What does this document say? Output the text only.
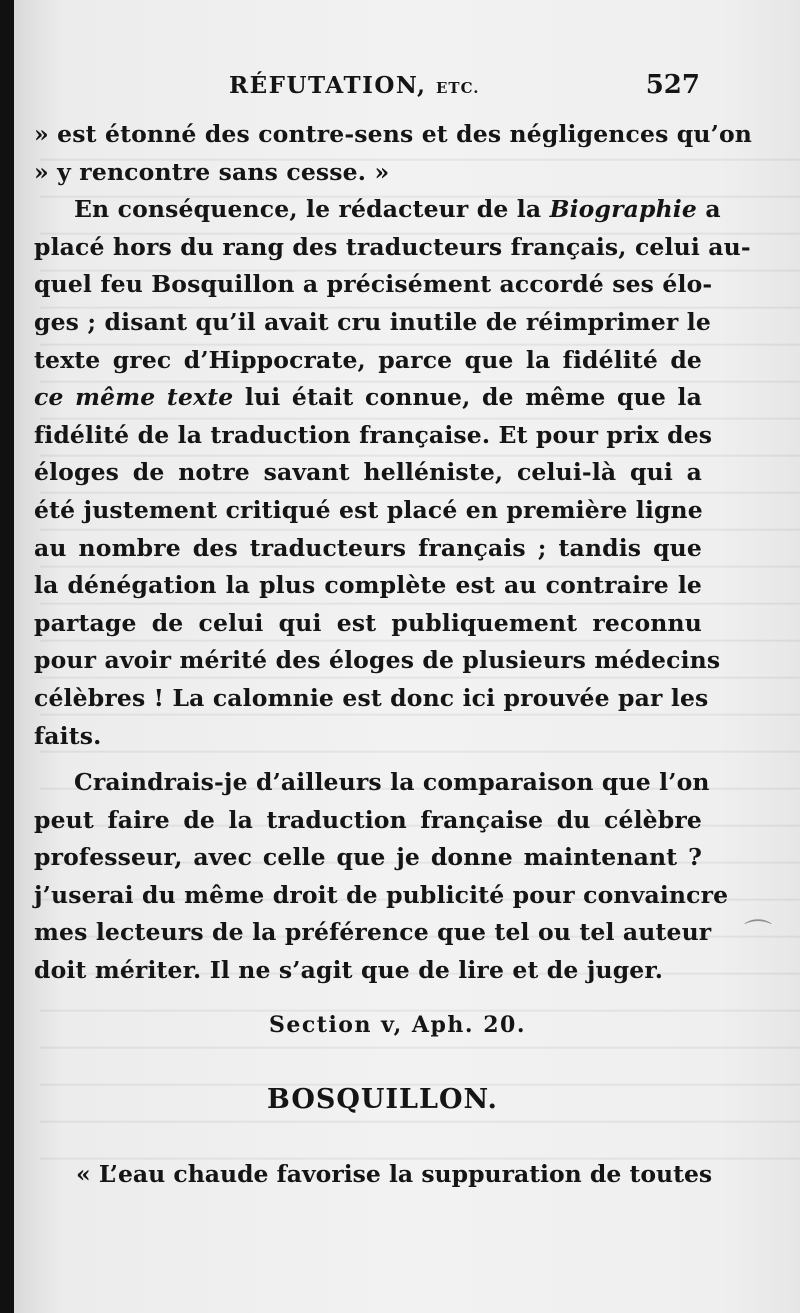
RÉFUTATION, ETC.	527
» est étonné des contre-sens et des négligences qu’on
» y rencontre sans cesse. »
En conséquence, le rédacteur de la Biographie a
placé hors du rang des traducteurs français, celui au-
quel feu Bosquillon a précisément accordé ses élo-
ges ; disant qu’il avait cru inutile de réimprimer le
texte grec d’Hippocrate, parce que la fidélité de
ce même texte lui était connue, de même que la
fidélité de la traduction française. Et pour prix des
éloges de notre savant helléniste, celui-là qui a
été justement critiqué est placé en première ligne
au nombre des traducteurs français ; tandis que
la dénégation la plus complète est au contraire le
partage de celui qui est publiquement reconnu
pour avoir mérité des éloges de plusieurs médecins
célèbres ! La calomnie est donc ici prouvée par les
faits.
Craindrais-je d’ailleurs la comparaison que l’on
peut faire de la traduction française du célèbre
professeur, avec celle que je donne maintenant ?
j’userai du même droit de publicité pour convaincre
mes lecteurs de la préférence que tel ou tel auteur
doit mériter. Il ne s’agit que de lire et de juger.
Section v, Aph. 20.
BOSQUILLON.
« L’eau chaude favorise la suppuration de toutes
⌒
